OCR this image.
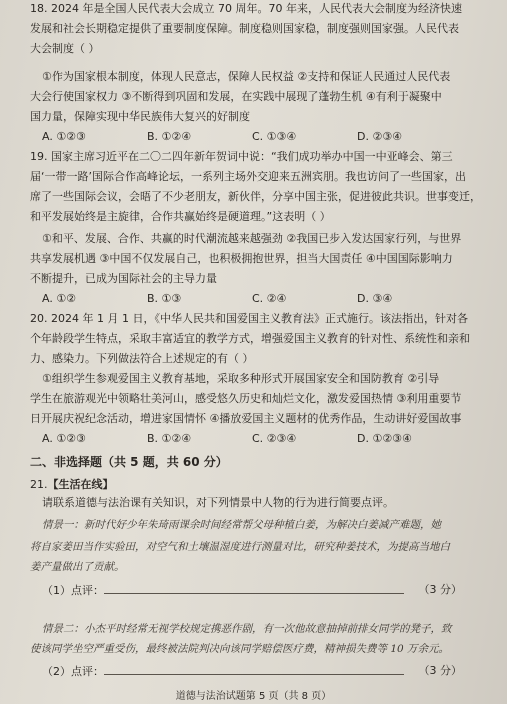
18. 2024 年是全国人民代表大会成立 70 周年。70 年来，人民代表大会制度为经济快速
发展和社会长期稳定提供了重要制度保障。制度稳则国家稳，制度强则国家强。人民代表
大会制度（ ）
①作为国家根本制度，体现人民意志，保障人民权益 ②支持和保证人民通过人民代表
大会行使国家权力 ③不断得到巩固和发展，在实践中展现了蓬勃生机 ④有利于凝聚中
国力量，保障实现中华民族伟大复兴的好制度
A. ①②③	B. ①②④	C. ①③④	D. ②③④
19. 国家主席习近平在二〇二四年新年贺词中说：“我们成功举办中国一中亚峰会、第三
届‘一带一路’国际合作高峰论坛，一系列主场外交迎来五洲宾朋。我也访问了一些国家，出
席了一些国际会议，会晤了不少老朋友，新伙伴，分享中国主张，促进彼此共识。世事变迁，
和平发展始终是主旋律，合作共赢始终是硬道理。”这表明（ ）
①和平、发展、合作、共赢的时代潮流越来越强劲 ②我国已步入发达国家行列，与世界
共享发展机遇 ③中国不仅发展自己，也积极拥抱世界，担当大国责任 ④中国国际影响力
不断提升，已成为国际社会的主导力量
A. ①②	B. ①③	C. ②④	D. ③④
20. 2024 年 1 月 1 日，《中华人民共和国爱国主义教育法》正式施行。该法指出，针对各
个年龄段学生特点，采取丰富适宜的教学方式，增强爱国主义教育的针对性、系统性和亲和
力、感染力。下列做法符合上述规定的有（ ）
①组织学生参观爱国主义教育基地，采取多种形式开展国家安全和国防教育 ②引导
学生在旅游观光中领略壮美河山，感受悠久历史和灿烂文化，激发爱国热情 ③利用重要节
日开展庆祝纪念活动，增进家国情怀 ④播放爱国主义题材的优秀作品，生动讲好爱国故事
A. ①②③	B. ①②④	C. ②③④	D. ①②③④
二、非选择题（共 5 题，共 60 分）
21.【生活在线】
请联系道德与法治课有关知识，对下列情景中人物的行为进行简要点评。
情景一：新时代好少年朱琦雨课余时间经常帮父母种植白姜，为解决白姜减产难题，她
将自家姜田当作实验田，对空气和土壤温湿度进行测量对比，研究种姜技术，为提高当地白
姜产量做出了贡献。
（1）点评：	（3 分）
情景二：小杰平时经常无视学校规定携恶作剧，有一次他故意抽掉前排女同学的凳子，致
使该同学坐空严重受伤，最终被法院判决向该同学赔偿医疗费，精神损失费等 10 万余元。
（2）点评：	（3 分）
道德与法治试题第 5 页（共 8 页）
